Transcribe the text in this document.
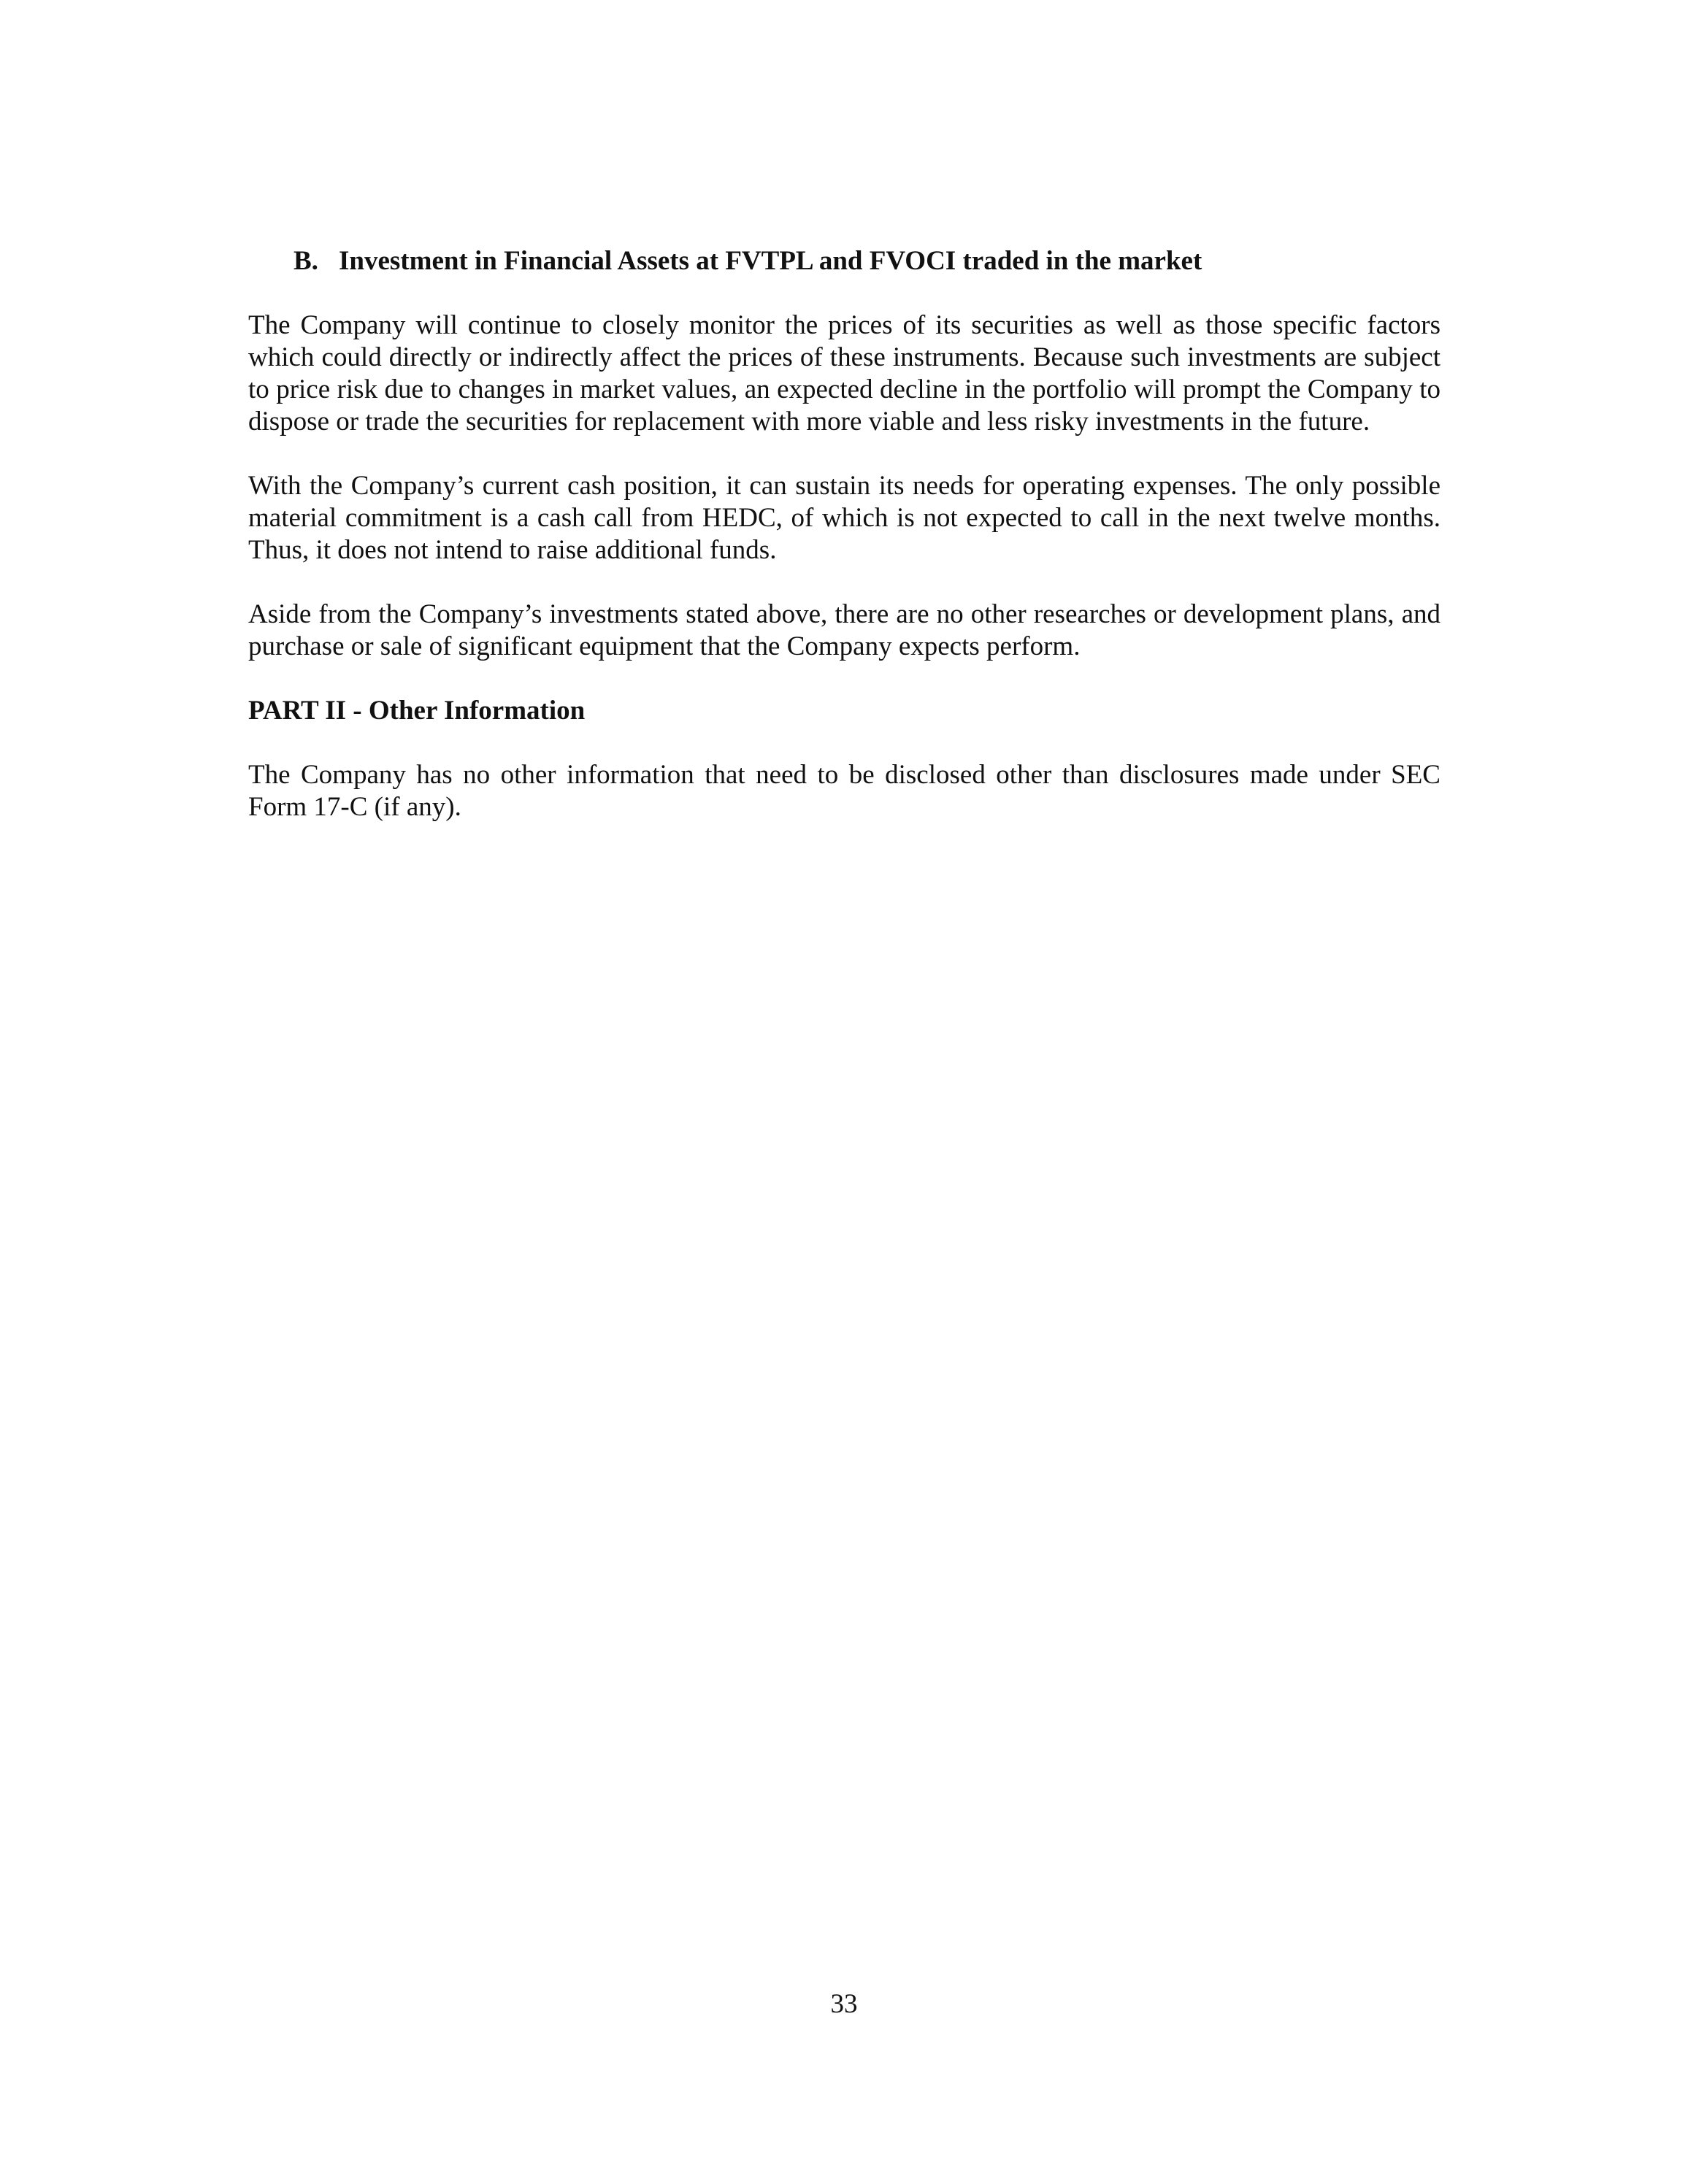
B. Investment in Financial Assets at FVTPL and FVOCI traded in the market

The Company will continue to closely monitor the prices of its securities as well as those specific factors which could directly or indirectly affect the prices of these instruments. Because such investments are subject to price risk due to changes in market values, an expected decline in the portfolio will prompt the Company to dispose or trade the securities for replacement with more viable and less risky investments in the future.

With the Company’s current cash position, it can sustain its needs for operating expenses. The only possible material commitment is a cash call from HEDC, of which is not expected to call in the next twelve months. Thus, it does not intend to raise additional funds.

Aside from the Company’s investments stated above, there are no other researches or development plans, and purchase or sale of significant equipment that the Company expects perform.

PART II - Other Information

The Company has no other information that need to be disclosed other than disclosures made under SEC Form 17-C (if any).

33
